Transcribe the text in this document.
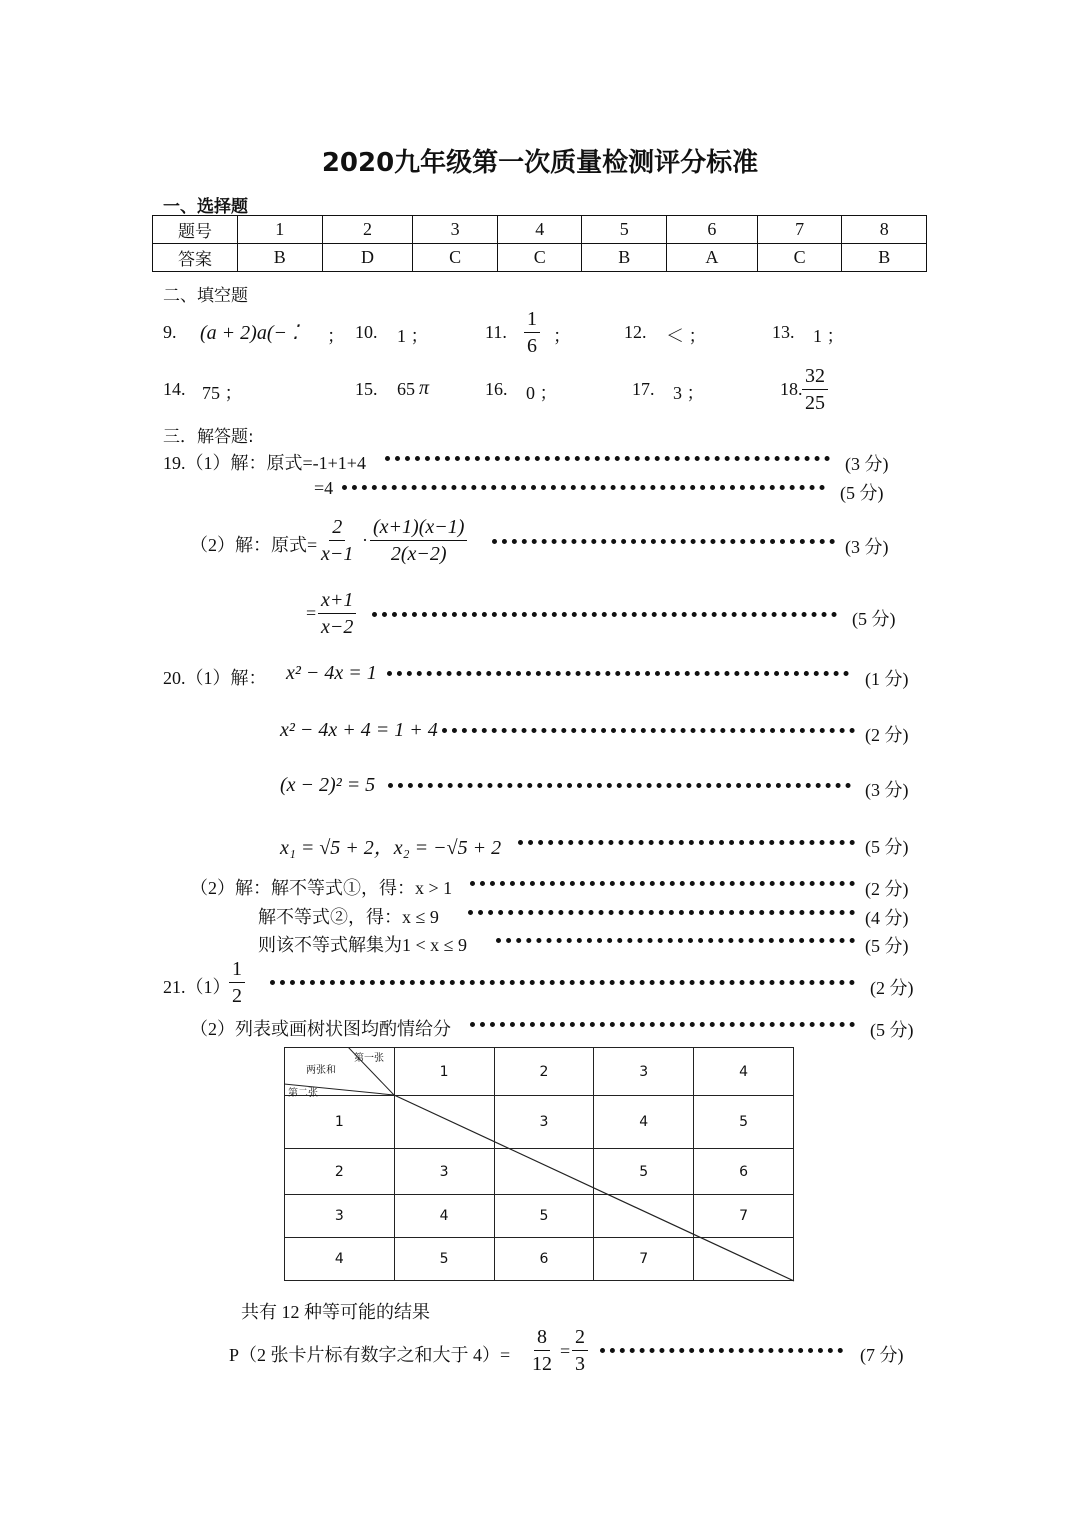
2020九年级第一次质量检测评分标准
一、选择题
题号	1	2	3	4	5	6	7	8
答案	B	D	C	C	B	A	C	B
二、填空题
9. (a + 2)a(− ⁚ ； 10. 1 ；	11. $\frac{1}{6}$ ；	12. ＜ ；	13. 1 ；
14. 75 ；	15. 65 π	16. 0 ；	17. 3 ；	18. $\frac{32}{25}$
三．解答题:
19.（1）解：原式=-1+1+4	(3 分)
=4	(5 分)
（2）解：原式= $\frac{2}{x-1} \cdot \frac{(x+1)(x-1)}{2(x-2)}$	(3 分)
= $\frac{x+1}{x-2}$	(5 分)
20.（1）解： x² − 4x = 1	(1 分)
x² − 4x + 4 = 1 + 4	(2 分)
(x − 2)² = 5	(3 分)
x₁ = √5 + 2，x₂ = −√5 + 2	(5 分)
（2）解：解不等式①，得：x > 1	(2 分)
解不等式②，得：x ≤ 9	(4 分)
则该不等式解集为1 < x ≤ 9	(5 分)
21.（1）
$\frac{1}{2}$	(2 分)
（2）列表或画树状图均酌情给分	(5 分)
	1	2	3	4
1		3	4	5
2	3		5	6
3	4	5		7
4	5	6	7	
第一张
两张和
第二张
共有 12 种等可能的结果
P（2 张卡片标有数字之和大于 $4)= \frac{8}{12} = \frac{2}{3}$	(7 分)
